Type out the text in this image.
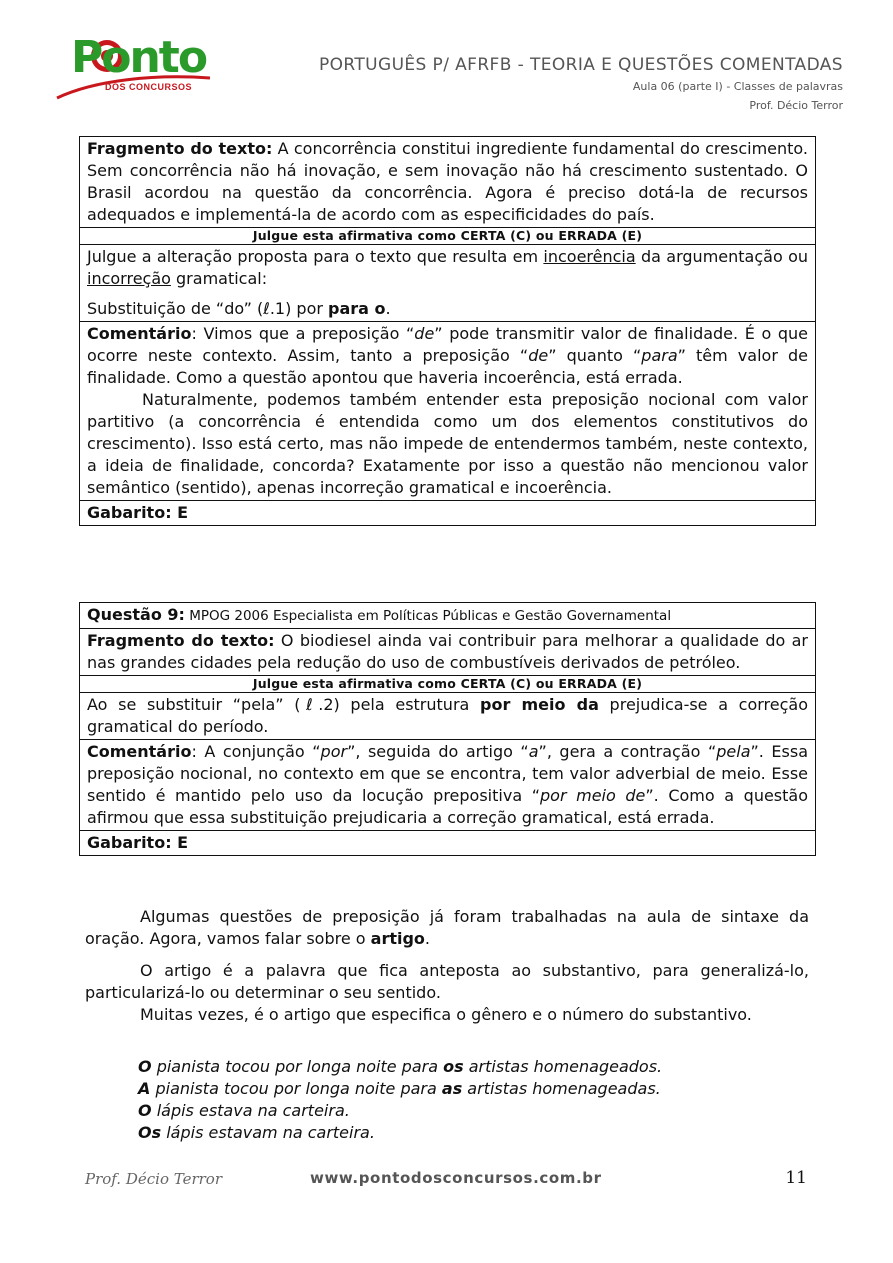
Ponto
DOS CONCURSOS
PORTUGUÊS P/ AFRFB - TEORIA E QUESTÕES COMENTADAS
Aula 06 (parte I) - Classes de palavras
Prof. Décio Terror
Fragmento do texto: A concorrência constitui ingrediente fundamental do crescimento. Sem concorrência não há inovação, e sem inovação não há crescimento sustentado. O Brasil acordou na questão da concorrência. Agora é preciso dotá-la de recursos adequados e implementá-la de acordo com as especificidades do país.
Julgue esta afirmativa como CERTA (C) ou ERRADA (E)
Julgue a alteração proposta para o texto que resulta em incoerência da argumentação ou incorreção gramatical:
Substituição de “do” (ℓ.1) por para o.
Comentário: Vimos que a preposição “de” pode transmitir valor de finalidade. É o que ocorre neste contexto. Assim, tanto a preposição “de” quanto “para” têm valor de finalidade. Como a questão apontou que haveria incoerência, está errada.
Naturalmente, podemos também entender esta preposição nocional com valor partitivo (a concorrência é entendida como um dos elementos constitutivos do crescimento). Isso está certo, mas não impede de entendermos também, neste contexto, a ideia de finalidade, concorda? Exatamente por isso a questão não mencionou valor semântico (sentido), apenas incorreção gramatical e incoerência.
Gabarito: E
Questão 9: MPOG 2006 Especialista em Políticas Públicas e Gestão Governamental
Fragmento do texto: O biodiesel ainda vai contribuir para melhorar a qualidade do ar nas grandes cidades pela redução do uso de combustíveis derivados de petróleo.
Julgue esta afirmativa como CERTA (C) ou ERRADA (E)
Ao se substituir “pela” (ℓ.2) pela estrutura por meio da prejudica-se a correção gramatical do período.
Comentário: A conjunção “por”, seguida do artigo “a”, gera a contração “pela”. Essa preposição nocional, no contexto em que se encontra, tem valor adverbial de meio. Esse sentido é mantido pelo uso da locução prepositiva “por meio de”. Como a questão afirmou que essa substituição prejudicaria a correção gramatical, está errada.
Gabarito: E

Algumas questões de preposição já foram trabalhadas na aula de sintaxe da oração. Agora, vamos falar sobre o artigo.

O artigo é a palavra que fica anteposta ao substantivo, para generalizá-lo, particularizá-lo ou determinar o seu sentido.

Muitas vezes, é o artigo que especifica o gênero e o número do substantivo.

O pianista tocou por longa noite para os artistas homenageados.

A pianista tocou por longa noite para as artistas homenageadas.

O lápis estava na carteira.

Os lápis estavam na carteira.

Prof. Décio Terror	www.pontodosconcursos.com.br	11
